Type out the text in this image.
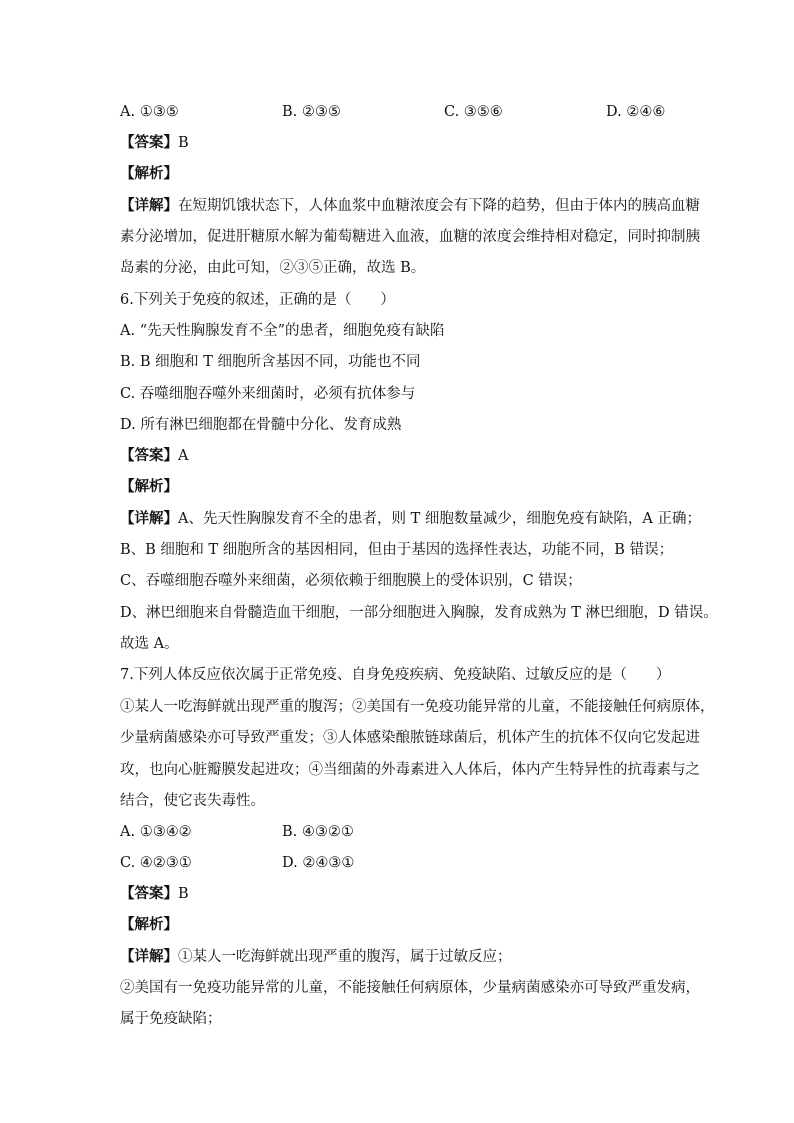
A. ①③⑤	B. ②③⑤	C. ③⑤⑥	D. ②④⑥
【答案】B
【解析】
【详解】在短期饥饿状态下，人体血浆中血糖浓度会有下降的趋势，但由于体内的胰高血糖
素分泌增加，促进肝糖原水解为葡萄糖进入血液，血糖的浓度会维持相对稳定，同时抑制胰
岛素的分泌，由此可知，②③⑤正确，故选 B。
6.下列关于免疫的叙述，正确的是（　　）
A. “先天性胸腺发育不全”的患者，细胞免疫有缺陷
B. B 细胞和 T 细胞所含基因不同，功能也不同
C. 吞噬细胞吞噬外来细菌时，必须有抗体参与
D. 所有淋巴细胞都在骨髓中分化、发育成熟
【答案】A
【解析】
【详解】A、先天性胸腺发育不全的患者，则 T 细胞数量减少，细胞免疫有缺陷，A 正确；
B、B 细胞和 T 细胞所含的基因相同，但由于基因的选择性表达，功能不同，B 错误；
C、吞噬细胞吞噬外来细菌，必须依赖于细胞膜上的受体识别，C 错误；
D、淋巴细胞来自骨髓造血干细胞，一部分细胞进入胸腺，发育成熟为 T 淋巴细胞，D 错误。
故选 A。
7.下列人体反应依次属于正常免疫、自身免疫疾病、免疫缺陷、过敏反应的是（　　）
①某人一吃海鲜就出现严重的腹泻；②美国有一免疫功能异常的儿童，不能接触任何病原体，
少量病菌感染亦可导致严重发；③人体感染酿脓链球菌后，机体产生的抗体不仅向它发起进
攻，也向心脏瓣膜发起进攻；④当细菌的外毒素进入人体后，体内产生特异性的抗毒素与之
结合，使它丧失毒性。
A. ①③④②	B. ④③②①
C. ④②③①	D. ②④③①
【答案】B
【解析】
【详解】①某人一吃海鲜就出现严重的腹泻，属于过敏反应；
②美国有一免疫功能异常的儿童，不能接触任何病原体，少量病菌感染亦可导致严重发病，
属于免疫缺陷；
